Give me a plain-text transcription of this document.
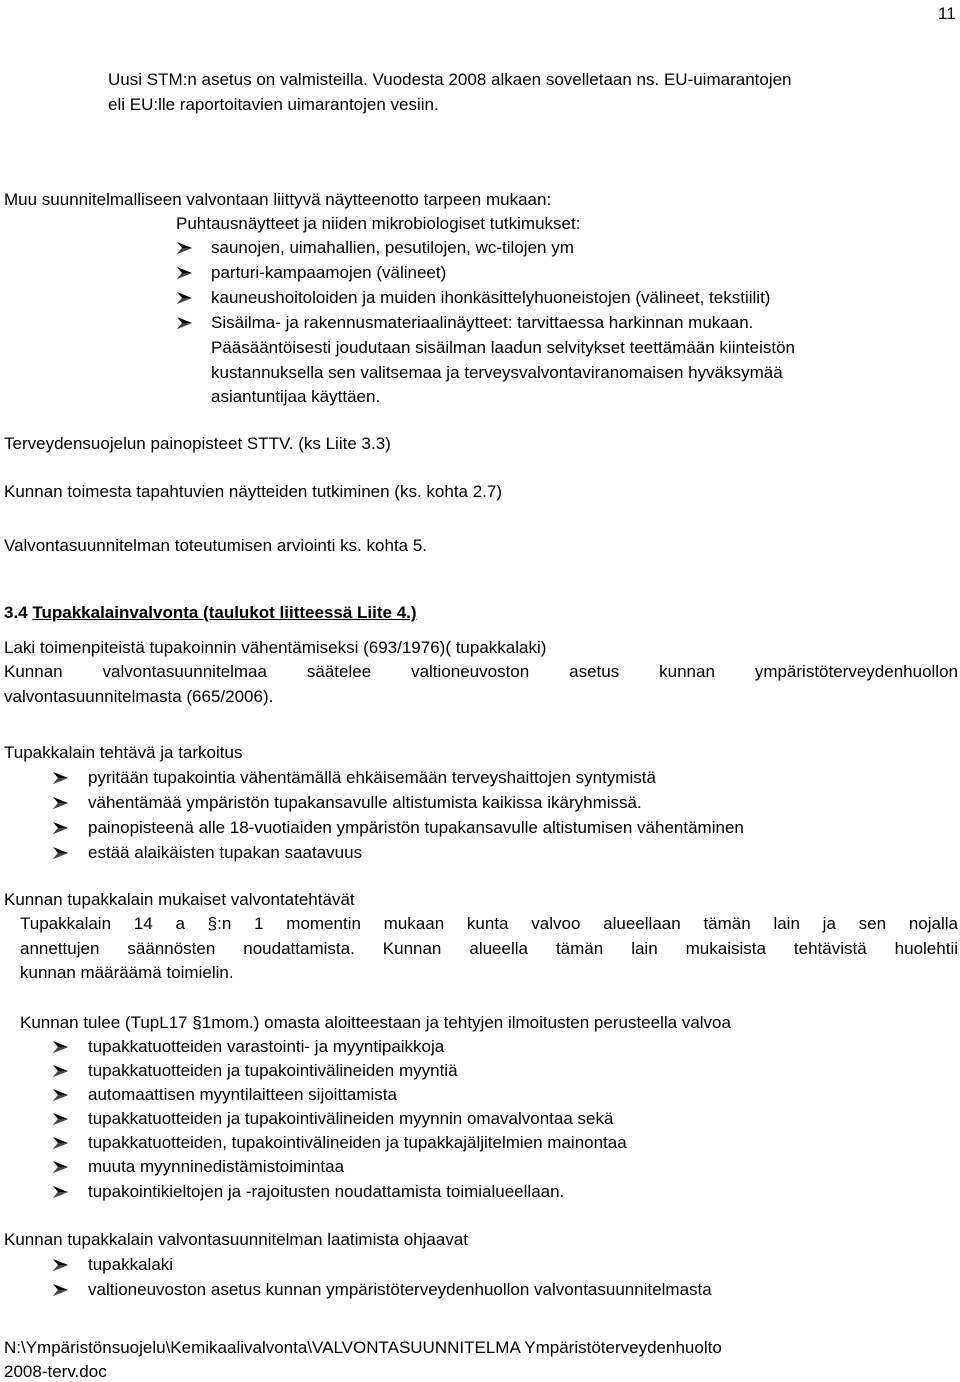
11
Uusi STM:n asetus on valmisteilla. Vuodesta 2008 alkaen sovelletaan ns. EU-uimarantojen
eli EU:lle raportoitavien uimarantojen vesiin.
Muu suunnitelmalliseen valvontaan liittyvä näytteenotto tarpeen mukaan:
Puhtausnäytteet ja niiden mikrobiologiset tutkimukset:
saunojen, uimahallien, pesutilojen, wc-tilojen ym
parturi-kampaamojen (välineet)
kauneushoitoloiden ja muiden ihonkäsittelyhuoneistojen (välineet, tekstiilit)
Sisäilma- ja rakennusmateriaalinäytteet: tarvittaessa harkinnan mukaan.
Pääsääntöisesti joudutaan sisäilman laadun selvitykset teettämään kiinteistön
kustannuksella sen valitsemaa ja terveysvalvontaviranomaisen hyväksymää
asiantuntijaa käyttäen.
Terveydensuojelun painopisteet STTV. (ks Liite 3.3)
Kunnan toimesta tapahtuvien näytteiden tutkiminen (ks. kohta 2.7)
Valvontasuunnitelman toteutumisen arviointi ks. kohta 5.
3.4 Tupakkalainvalvonta (taulukot liitteessä Liite 4.)
Laki toimenpiteistä tupakoinnin vähentämiseksi (693/1976)( tupakkalaki)
Kunnan valvontasuunnitelmaa säätelee valtioneuvoston asetus kunnan ympäristöterveydenhuollon
valvontasuunnitelmasta (665/2006).
Tupakkalain tehtävä ja tarkoitus
pyritään tupakointia vähentämällä ehkäisemään terveyshaittojen syntymistä
vähentämää ympäristön tupakansavulle altistumista kaikissa ikäryhmissä.
painopisteenä alle 18-vuotiaiden ympäristön tupakansavulle altistumisen vähentäminen
estää alaikäisten tupakan saatavuus
Kunnan tupakkalain mukaiset valvontatehtävät
Tupakkalain 14 a §:n 1 momentin mukaan kunta valvoo alueellaan tämän lain ja sen nojalla
annettujen säännösten noudattamista. Kunnan alueella tämän lain mukaisista tehtävistä huolehtii
kunnan määräämä toimielin.
Kunnan tulee (TupL17 §1mom.) omasta aloitteestaan ja tehtyjen ilmoitusten perusteella valvoa
tupakkatuotteiden varastointi- ja myyntipaikkoja
tupakkatuotteiden ja tupakointivälineiden myyntiä
automaattisen myyntilaitteen sijoittamista
tupakkatuotteiden ja tupakointivälineiden myynnin omavalvontaa sekä
tupakkatuotteiden, tupakointivälineiden ja tupakkajäljitelmien mainontaa
muuta myynninedistämistoimintaa
tupakointikieltojen ja -rajoitusten noudattamista toimialueellaan.
Kunnan tupakkalain valvontasuunnitelman laatimista ohjaavat
tupakkalaki
valtioneuvoston asetus kunnan ympäristöterveydenhuollon valvontasuunnitelmasta
N:\Ympäristönsuojelu\Kemikaalivalvonta\VALVONTASUUNNITELMA Ympäristöterveydenhuolto
2008-terv.doc
